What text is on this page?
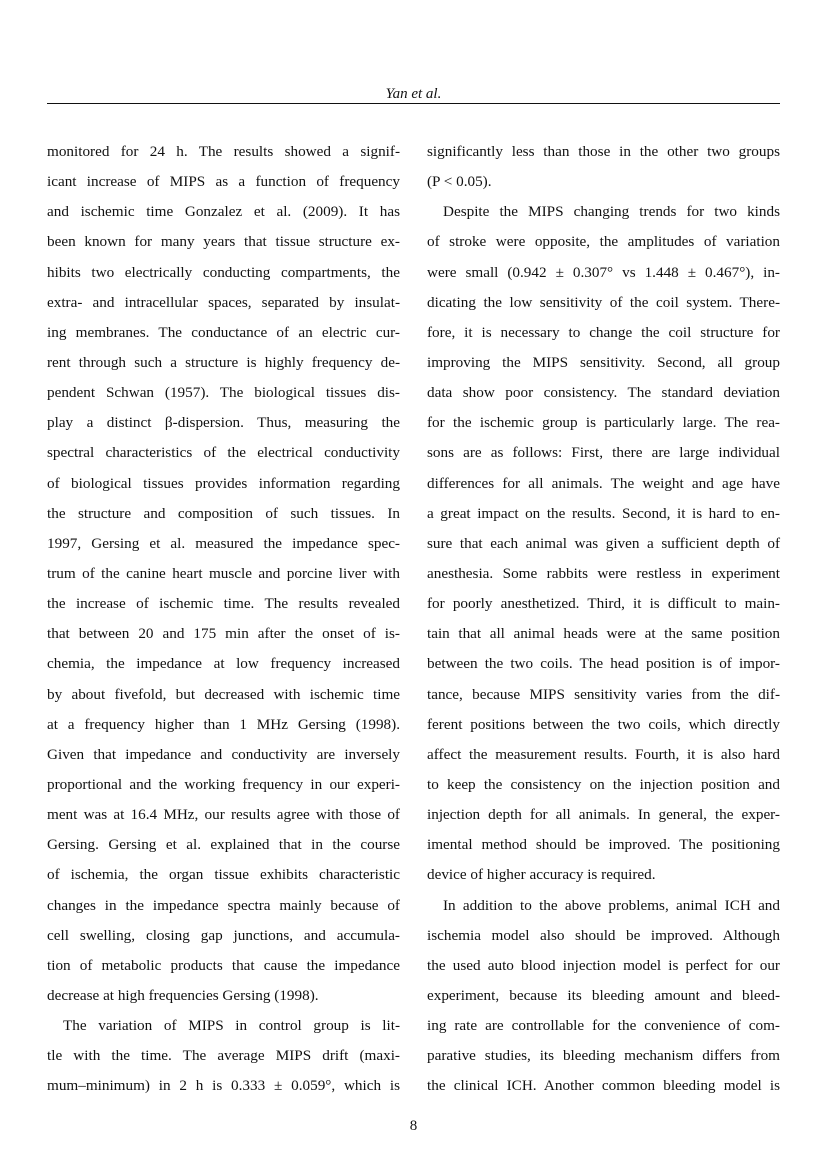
Yan et al.
monitored for 24 h. The results showed a signif-
icant increase of MIPS as a function of frequency
and ischemic time Gonzalez et al. (2009). It has
been known for many years that tissue structure ex-
hibits two electrically conducting compartments, the
extra- and intracellular spaces, separated by insulat-
ing membranes. The conductance of an electric cur-
rent through such a structure is highly frequency de-
pendent Schwan (1957). The biological tissues dis-
play a distinct β-dispersion. Thus, measuring the
spectral characteristics of the electrical conductivity
of biological tissues provides information regarding
the structure and composition of such tissues. In
1997, Gersing et al. measured the impedance spec-
trum of the canine heart muscle and porcine liver with
the increase of ischemic time. The results revealed
that between 20 and 175 min after the onset of is-
chemia, the impedance at low frequency increased
by about fivefold, but decreased with ischemic time
at a frequency higher than 1 MHz Gersing (1998).
Given that impedance and conductivity are inversely
proportional and the working frequency in our experi-
ment was at 16.4 MHz, our results agree with those of
Gersing. Gersing et al. explained that in the course
of ischemia, the organ tissue exhibits characteristic
changes in the impedance spectra mainly because of
cell swelling, closing gap junctions, and accumula-
tion of metabolic products that cause the impedance
decrease at high frequencies Gersing (1998).
The variation of MIPS in control group is lit-
tle with the time. The average MIPS drift (maxi-
mum–minimum) in 2 h is 0.333 ± 0.059°, which is
significantly less than those in the other two groups
(P < 0.05).
Despite the MIPS changing trends for two kinds
of stroke were opposite, the amplitudes of variation
were small (0.942 ± 0.307° vs 1.448 ± 0.467°), in-
dicating the low sensitivity of the coil system. There-
fore, it is necessary to change the coil structure for
improving the MIPS sensitivity. Second, all group
data show poor consistency. The standard deviation
for the ischemic group is particularly large. The rea-
sons are as follows: First, there are large individual
differences for all animals. The weight and age have
a great impact on the results. Second, it is hard to en-
sure that each animal was given a sufficient depth of
anesthesia. Some rabbits were restless in experiment
for poorly anesthetized. Third, it is difficult to main-
tain that all animal heads were at the same position
between the two coils. The head position is of impor-
tance, because MIPS sensitivity varies from the dif-
ferent positions between the two coils, which directly
affect the measurement results. Fourth, it is also hard
to keep the consistency on the injection position and
injection depth for all animals. In general, the exper-
imental method should be improved. The positioning
device of higher accuracy is required.
In addition to the above problems, animal ICH and
ischemia model also should be improved. Although
the used auto blood injection model is perfect for our
experiment, because its bleeding amount and bleed-
ing rate are controllable for the convenience of com-
parative studies, its bleeding mechanism differs from
the clinical ICH. Another common bleeding model is
8
